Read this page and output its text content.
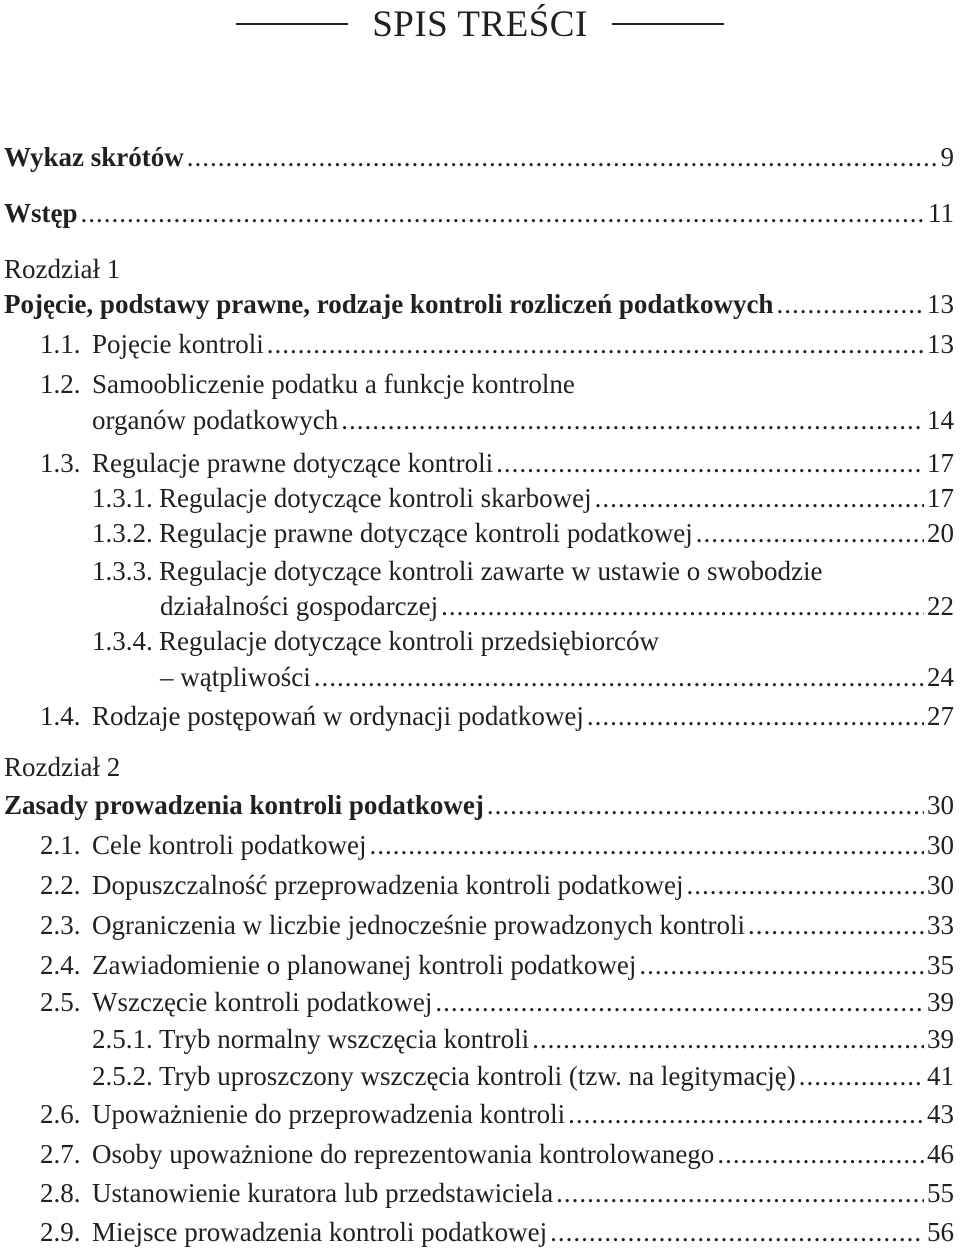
SPIS TREŚCI
Wykaz skrótów .....	9
Wstęp .....	11
Rozdział 1
Pojęcie, podstawy prawne, rodzaje kontroli rozliczeń podatkowych .....	13
1.1. Pojęcie kontroli .....	13
1.2. Samoobliczenie podatku a funkcje kontrolne
organów podatkowych .....	14
1.3. Regulacje prawne dotyczące kontroli .....	17
1.3.1. Regulacje dotyczące kontroli skarbowej .....	17
1.3.2. Regulacje prawne dotyczące kontroli podatkowej .....	20
1.3.3. Regulacje dotyczące kontroli zawarte w ustawie o swobodzie
działalności gospodarczej .....	22
1.3.4. Regulacje dotyczące kontroli przedsiębiorców
– wątpliwości .....	24
1.4. Rodzaje postępowań w ordynacji podatkowej .....	27
Rozdział 2
Zasady prowadzenia kontroli podatkowej .....	30
2.1. Cele kontroli podatkowej .....	30
2.2. Dopuszczalność przeprowadzenia kontroli podatkowej .....	30
2.3. Ograniczenia w liczbie jednocześnie prowadzonych kontroli .....	33
2.4. Zawiadomienie o planowanej kontroli podatkowej .....	35
2.5. Wszczęcie kontroli podatkowej .....	39
2.5.1. Tryb normalny wszczęcia kontroli .....	39
2.5.2. Tryb uproszczony wszczęcia kontroli (tzw. na legitymację) .....	41
2.6. Upoważnienie do przeprowadzenia kontroli .....	43
2.7. Osoby upoważnione do reprezentowania kontrolowanego .....	46
2.8. Ustanowienie kuratora lub przedstawiciela .....	55
2.9. Miejsce prowadzenia kontroli podatkowej .....	56
